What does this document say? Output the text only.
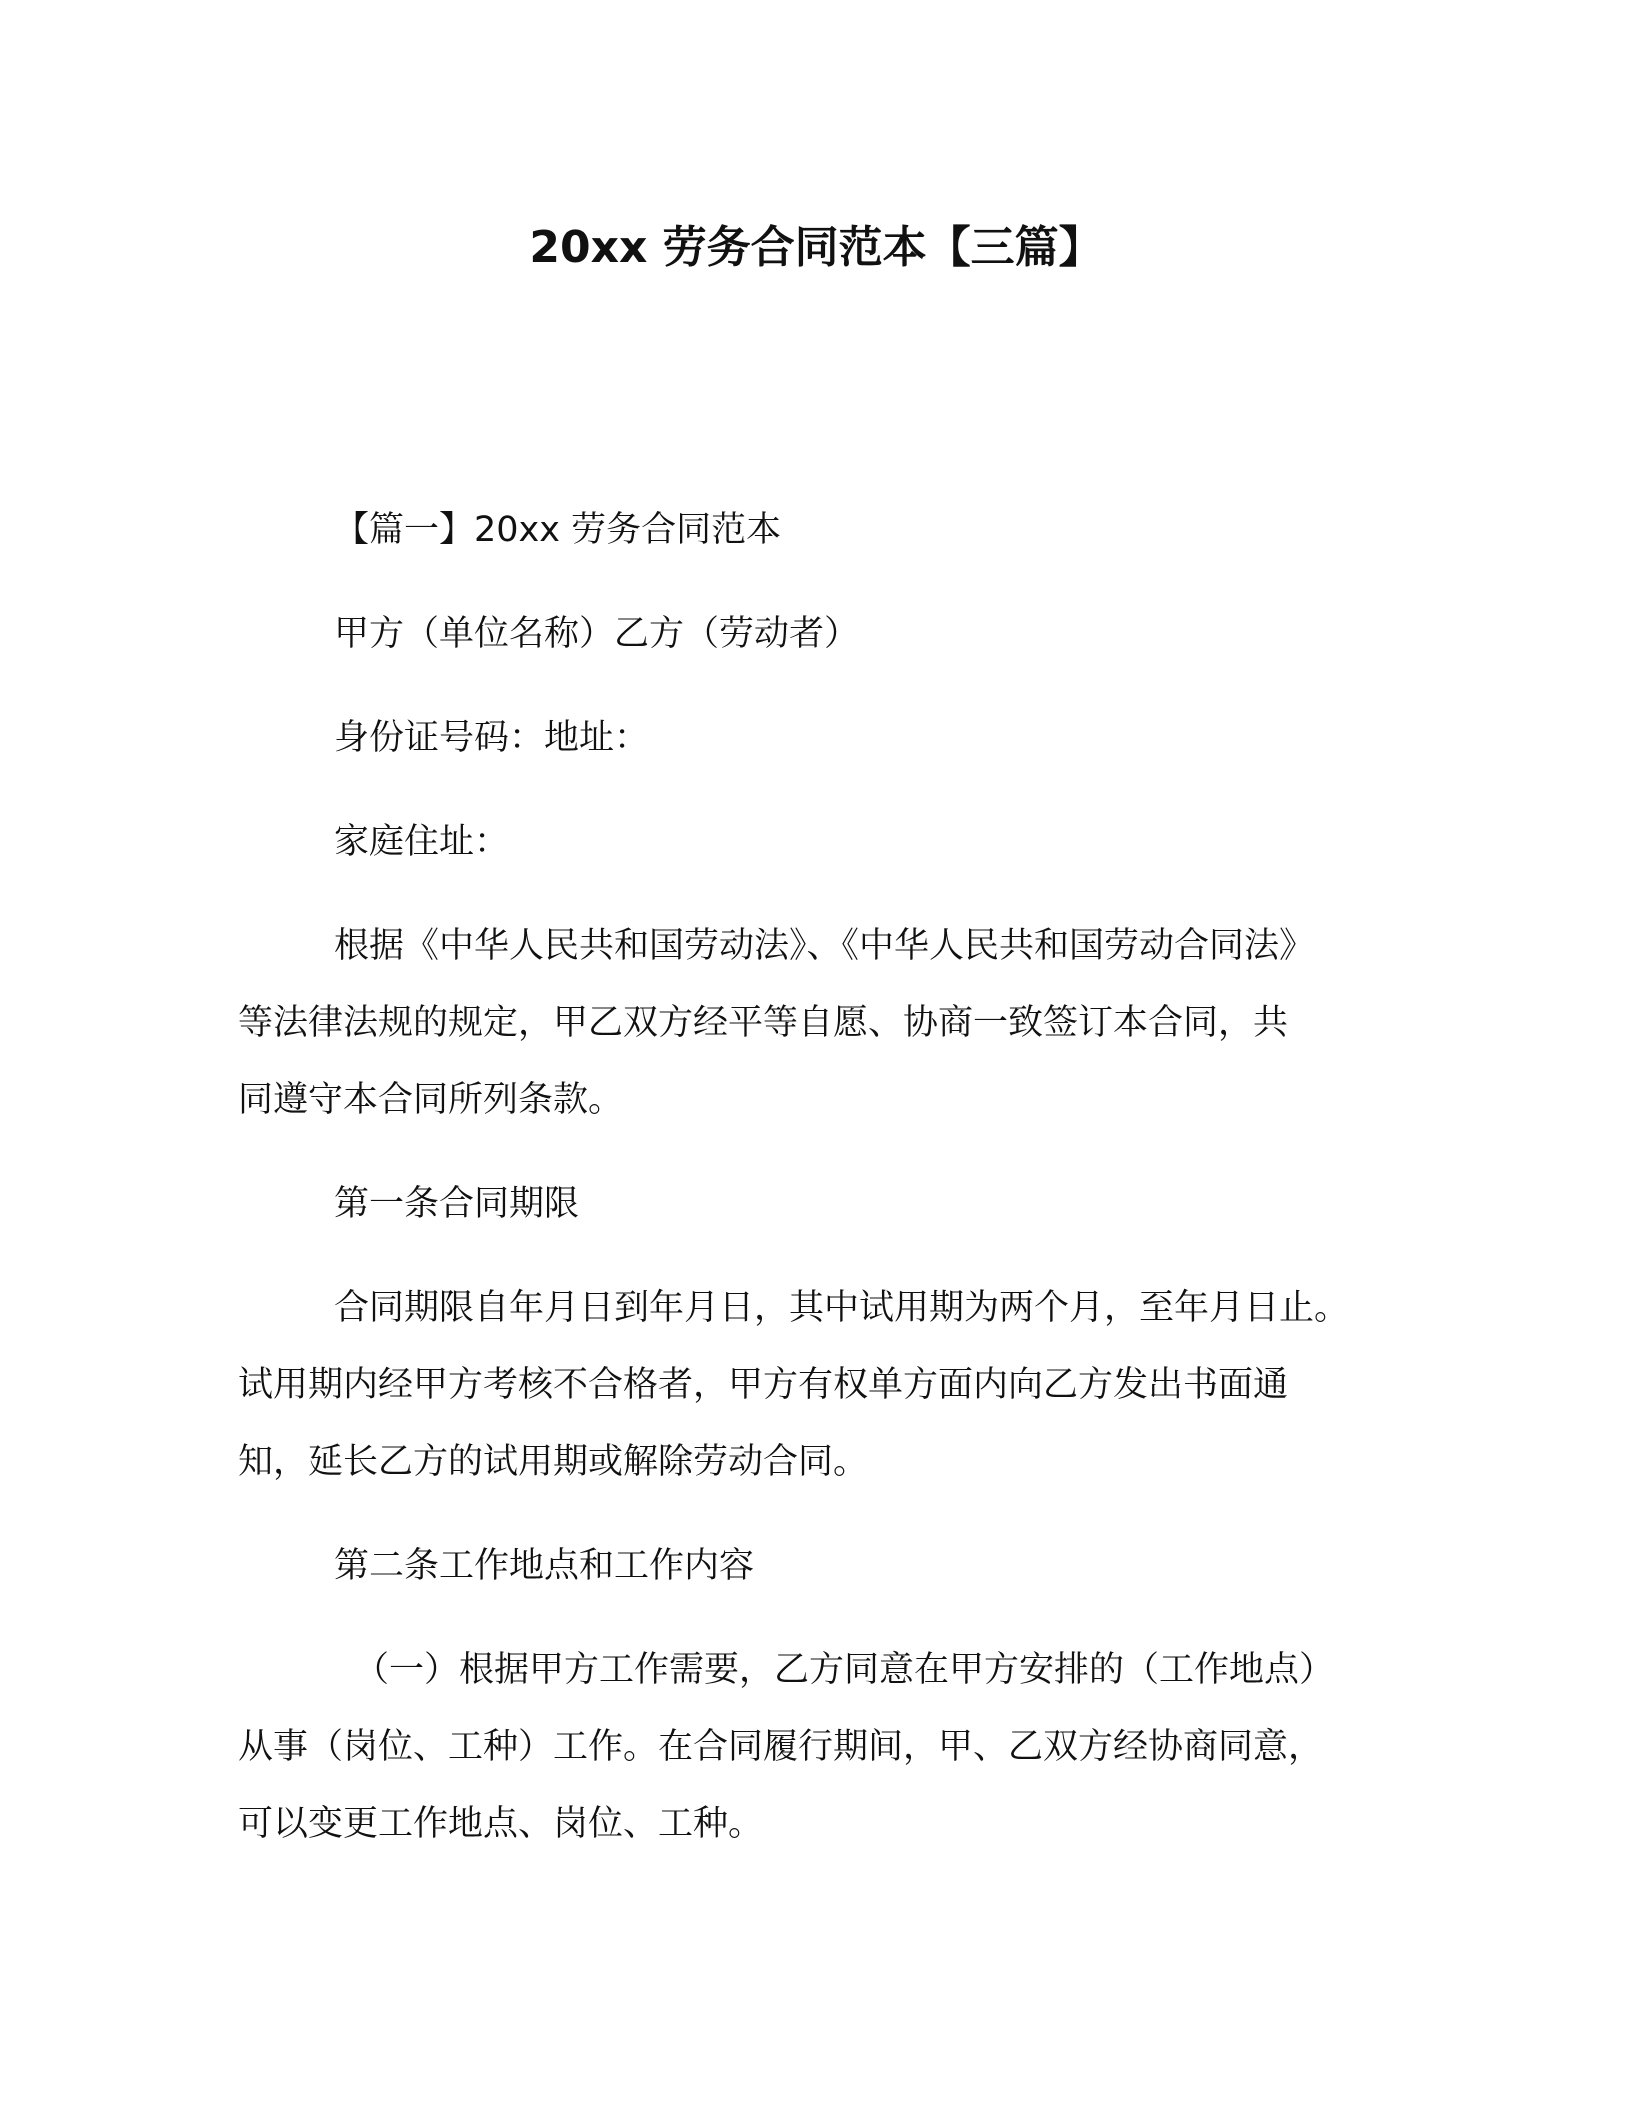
20xx 劳务合同范本【三篇】

【篇一】20xx 劳务合同范本

甲方（单位名称）乙方（劳动者）

身份证号码：地址：

家庭住址：

根据《中华人民共和国劳动法》、《中华人民共和国劳动合同法》
等法律法规的规定，甲乙双方经平等自愿、协商一致签订本合同，共
同遵守本合同所列条款。

第一条合同期限

合同期限自年月日到年月日，其中试用期为两个月，至年月日止。
试用期内经甲方考核不合格者，甲方有权单方面内向乙方发出书面通
知，延长乙方的试用期或解除劳动合同。

第二条工作地点和工作内容

（一）根据甲方工作需要，乙方同意在甲方安排的（工作地点）
从事（岗位、工种）工作。在合同履行期间，甲、乙双方经协商同意，
可以变更工作地点、岗位、工种。
